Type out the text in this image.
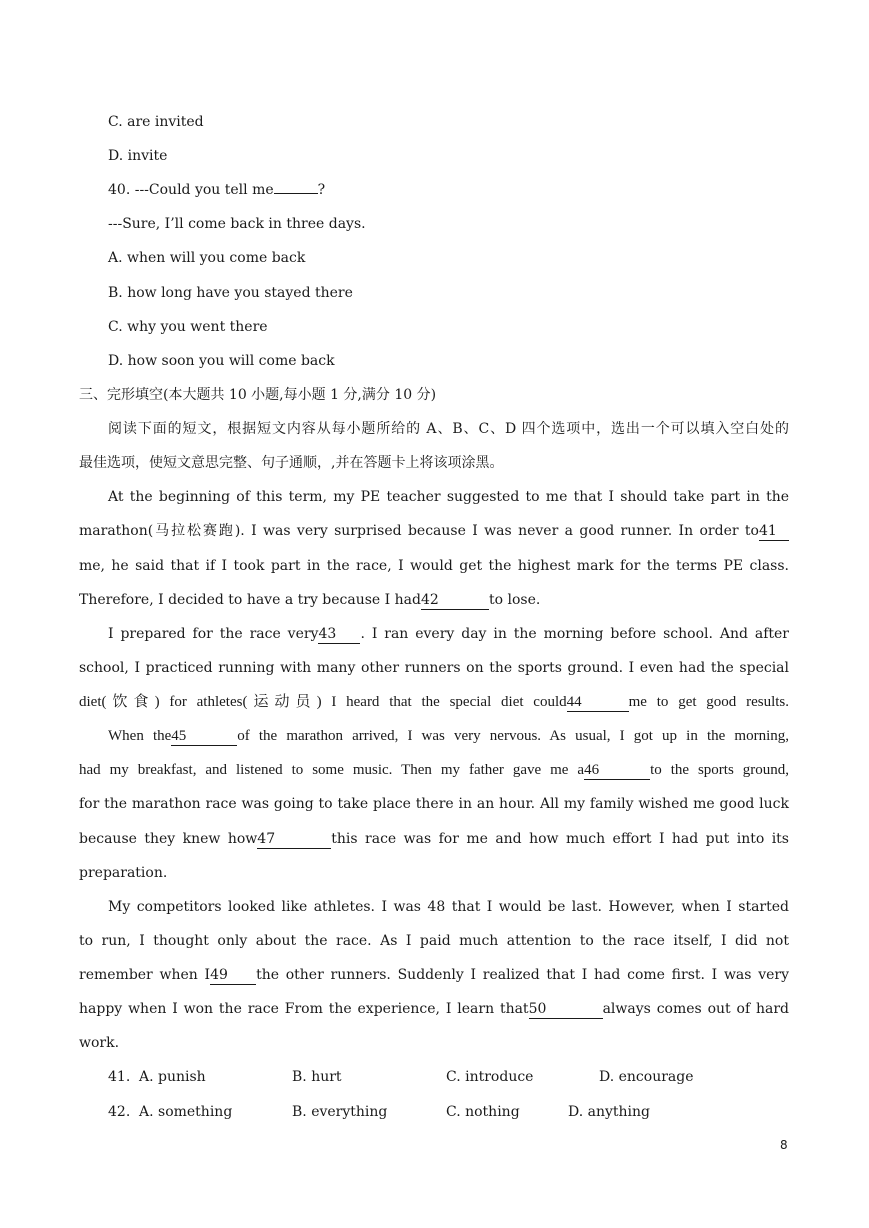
C. are invited
D. invite
40. ---Could you tell me	?
---Sure, I’ll come back in three days.
A. when will you come back
B. how long have you stayed there
C. why you went there
D. how soon you will come back
三、完形填空(本大题共 10 小题,每小题 1 分,满分 10 分)
阅读下面的短文，根据短文内容从每小题所给的 A、B、C、D 四个选项中，选出一个可以填入空白处的
最佳选项，使短文意思完整、句子通顺，,并在答题卡上将该项涂黑。
At the beginning of this term, my PE teacher suggested to me that I should take part in the
marathon(马拉松赛跑). I was very surprised because I was never a good runner. In order to41
me, he said that if I took part in the race, I would get the highest mark for the terms PE class.
Therefore, I decided to have a try because I had42	to lose.
I prepared for the race very43 . I ran every day in the morning before school. And after
school, I practiced running with many other runners on the sports ground. I even had the special
diet(饮食) for athletes(运动员) I heard that the special diet could44	me to get good results.
When the45	of the marathon arrived, I was very nervous. As usual, I got up in the morning,
had my breakfast, and listened to some music. Then my father gave me a46	to the sports ground,
for the marathon race was going to take place there in an hour. All my family wished me good luck
because they knew how47	this race was for me and how much effort I had put into its
preparation.
My competitors looked like athletes. I was 48 that I would be last. However, when I started
to run, I thought only about the race. As I paid much attention to the race itself, I did not
remember when I49 the other runners. Suddenly I realized that I had come first. I was very
happy when I won the race From the experience, I learn that50	always comes out of hard
work.
41. A. punish	B. hurt	C. introduce	D. encourage
42. A. something	B. everything	C. nothing	D. anything
8
